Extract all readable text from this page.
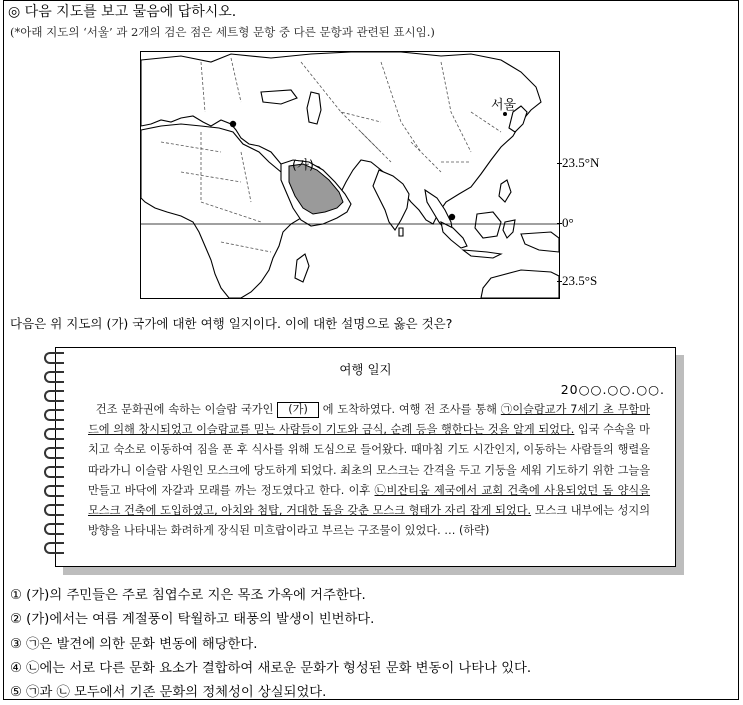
◎ 다음 지도를 보고 물음에 답하시오.
(*아래 지도의 ‘서울’ 과 2개의 검은 점은 세트형 문항 중 다른 문항과 관련된 표시임.)
서울
(가)	23.5°N
0°
23.5°S
다음은 위 지도의 (가) 국가에 대한 여행 일지이다. 이에 대한 설명으로 옳은 것은?
여행 일지
20○○.○○.○○.
건조 문화권에 속하는 이슬람 국가인 (가) 에 도착하였다. 여행 전 조사를 통해 ㉠이슬람교가 7세기 초 무함마드에 의해 창시되었고 이슬람교를 믿는 사람들이 기도와 금식, 순례 등을 행한다는 것을 알게 되었다. 입국 수속을 마치고 숙소로 이동하여 짐을 푼 후 식사를 위해 도심으로 들어왔다. 때마침 기도 시간인지, 이동하는 사람들의 행렬을 따라가니 이슬람 사원인 모스크에 당도하게 되었다. 최초의 모스크는 간격을 두고 기둥을 세워 기도하기 위한 그늘을 만들고 바닥에 자갈과 모래를 까는 정도였다고 한다. 이후 ㉡비잔티움 제국에서 교회 건축에 사용되었던 돔 양식을 모스크 건축에 도입하였고, 아치와 첨탑, 거대한 돔을 갖춘 모스크 형태가 자리 잡게 되었다. 모스크 내부에는 성지의 방향을 나타내는 화려하게 장식된 미흐랍이라고 부르는 구조물이 있었다. … (하략)
① (가)의 주민들은 주로 침엽수로 지은 목조 가옥에 거주한다.
② (가)에서는 여름 계절풍이 탁월하고 태풍의 발생이 빈번하다.
③ ㉠은 발견에 의한 문화 변동에 해당한다.
④ ㉡에는 서로 다른 문화 요소가 결합하여 새로운 문화가 형성된 문화 변동이 나타나 있다.
⑤ ㉠과 ㉡ 모두에서 기존 문화의 정체성이 상실되었다.
